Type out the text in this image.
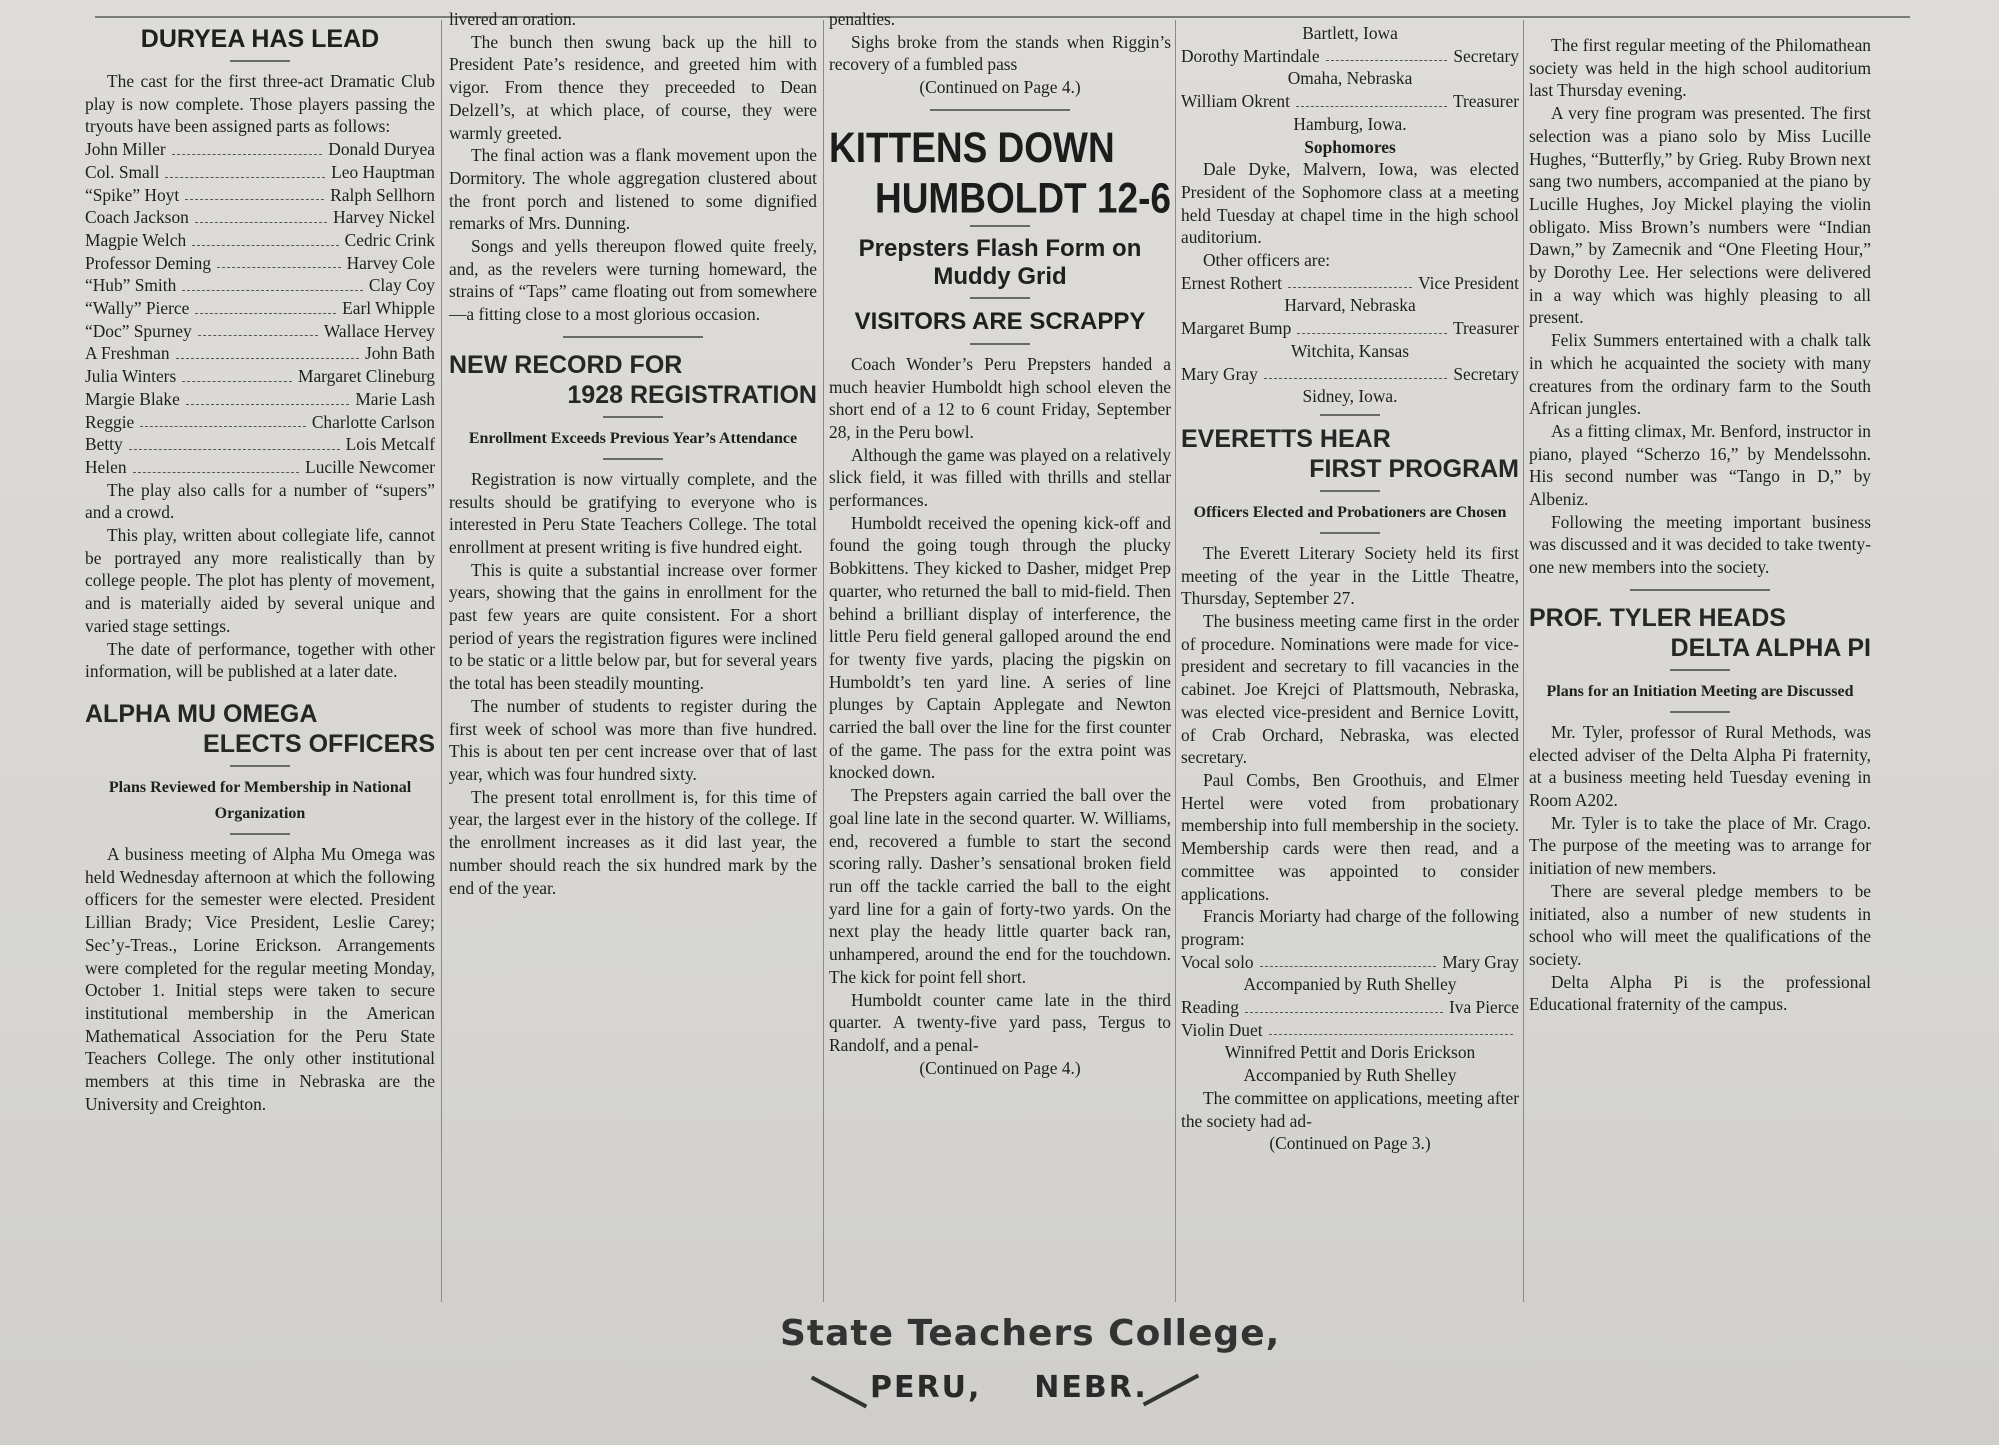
DURYEA HAS LEAD

The cast for the first three-act Dramatic Club play is now complete. Those players passing the tryouts have been assigned parts as follows:

John Miller	Donald Duryea
Col. Small	Leo Hauptman
“Spike” Hoyt	Ralph Sellhorn
Coach Jackson	Harvey Nickel
Magpie Welch	Cedric Crink
Professor Deming	Harvey Cole
“Hub” Smith	Clay Coy
“Wally” Pierce	Earl Whipple
“Doc” Spurney	Wallace Hervey
A Freshman	John Bath
Julia Winters	Margaret Clineburg
Margie Blake	Marie Lash
Reggie	Charlotte Carlson
Betty	Lois Metcalf
Helen	Lucille Newcomer

The play also calls for a number of “supers” and a crowd.

This play, written about collegiate life, cannot be portrayed any more realistically than by college people. The plot has plenty of movement, and is materially aided by several unique and varied stage settings.

The date of performance, together with other information, will be published at a later date.

ALPHA MU OMEGA
ELECTS OFFICERS
Plans Reviewed for Membership in National Organization

A business meeting of Alpha Mu Omega was held Wednesday afternoon at which the following officers for the semester were elected. President Lillian Brady; Vice President, Leslie Carey; Sec’y-Treas., Lorine Erickson. Arrangements were completed for the regular meeting Monday, October 1. Initial steps were taken to secure institutional membership in the American Mathematical Association for the Peru State Teachers College. The only other institutional members at this time in Nebraska are the University and Creighton.

livered an oration.

The bunch then swung back up the hill to President Pate’s residence, and greeted him with vigor. From thence they preceeded to Dean Delzell’s, at which place, of course, they were warmly greeted.

The final action was a flank movement upon the Dormitory. The whole aggregation clustered about the front porch and listened to some dignified remarks of Mrs. Dunning.

Songs and yells thereupon flowed quite freely, and, as the revelers were turning homeward, the strains of “Taps” came floating out from somewhere—a fitting close to a most glorious occasion.

NEW RECORD FOR
1928 REGISTRATION
Enrollment Exceeds Previous Year’s Attendance

Registration is now virtually complete, and the results should be gratifying to everyone who is interested in Peru State Teachers College. The total enrollment at present writing is five hundred eight.

This is quite a substantial increase over former years, showing that the gains in enrollment for the past few years are quite consistent. For a short period of years the registration figures were inclined to be static or a little below par, but for several years the total has been steadily mounting.

The number of students to register during the first week of school was more than five hundred. This is about ten per cent increase over that of last year, which was four hundred sixty.

The present total enrollment is, for this time of year, the largest ever in the history of the college. If the enrollment increases as it did last year, the number should reach the six hundred mark by the end of the year.

penalties.

Sighs broke from the stands when Riggin’s recovery of a fumbled pass

(Continued on Page 4.)
KITTENS DOWN

HUMBOLDT 12-6
Prepsters Flash Form on Muddy Grid
VISITORS ARE SCRAPPY

Coach Wonder’s Peru Prepsters handed a much heavier Humboldt high school eleven the short end of a 12 to 6 count Friday, September 28, in the Peru bowl.

Although the game was played on a relatively slick field, it was filled with thrills and stellar performances.

Humboldt received the opening kick-off and found the going tough through the plucky Bobkittens. They kicked to Dasher, midget Prep quarter, who returned the ball to mid-field. Then behind a brilliant display of interference, the little Peru field general galloped around the end for twenty five yards, placing the pigskin on Humboldt’s ten yard line. A series of line plunges by Captain Applegate and Newton carried the ball over the line for the first counter of the game. The pass for the extra point was knocked down.

The Prepsters again carried the ball over the goal line late in the second quarter. W. Williams, end, recovered a fumble to start the second scoring rally. Dasher’s sensational broken field run off the tackle carried the ball to the eight yard line for a gain of forty-two yards. On the next play the heady little quarter back ran, unhampered, around the end for the touchdown. The kick for point fell short.

Humboldt counter came late in the third quarter. A twenty-five yard pass, Tergus to Randolf, and a penal-

(Continued on Page 4.)
Bartlett, Iowa
Dorothy Martindale	Secretary
Omaha, Nebraska
William Okrent	Treasurer
Hamburg, Iowa.
Sophomores

Dale Dyke, Malvern, Iowa, was elected President of the Sophomore class at a meeting held Tuesday at chapel time in the high school auditorium.

Other officers are:

Ernest Rothert	Vice President
Harvard, Nebraska
Margaret Bump	Treasurer
Witchita, Kansas
Mary Gray	Secretary
Sidney, Iowa.
EVERETTS HEAR
FIRST PROGRAM
Officers Elected and Probationers are Chosen

The Everett Literary Society held its first meeting of the year in the Little Theatre, Thursday, September 27.

The business meeting came first in the order of procedure. Nominations were made for vice-president and secretary to fill vacancies in the cabinet. Joe Krejci of Plattsmouth, Nebraska, was elected vice-president and Bernice Lovitt, of Crab Orchard, Nebraska, was elected secretary.

Paul Combs, Ben Groothuis, and Elmer Hertel were voted from probationary membership into full membership in the society. Membership cards were then read, and a committee was appointed to consider applications.

Francis Moriarty had charge of the following program:

Vocal solo	Mary Gray
Accompanied by Ruth Shelley
Reading	Iva Pierce
Violin Duet
Winnifred Pettit and Doris Erickson
Accompanied by Ruth Shelley

The committee on applications, meeting after the society had ad-

(Continued on Page 3.)

The first regular meeting of the Philomathean society was held in the high school auditorium last Thursday evening.

A very fine program was presented. The first selection was a piano solo by Miss Lucille Hughes, “Butterfly,” by Grieg. Ruby Brown next sang two numbers, accompanied at the piano by Lucille Hughes, Joy Mickel playing the violin obligato. Miss Brown’s numbers were “Indian Dawn,” by Zamecnik and “One Fleeting Hour,” by Dorothy Lee. Her selections were delivered in a way which was highly pleasing to all present.

Felix Summers entertained with a chalk talk in which he acquainted the society with many creatures from the ordinary farm to the South African jungles.

As a fitting climax, Mr. Benford, instructor in piano, played “Scherzo 16,” by Mendelssohn. His second number was “Tango in D,” by Albeniz.

Following the meeting important business was discussed and it was decided to take twenty-one new members into the society.

PROF. TYLER HEADS
DELTA ALPHA PI
Plans for an Initiation Meeting are Discussed

Mr. Tyler, professor of Rural Methods, was elected adviser of the Delta Alpha Pi fraternity, at a business meeting held Tuesday evening in Room A202.

Mr. Tyler is to take the place of Mr. Crago. The purpose of the meeting was to arrange for initiation of new members.

There are several pledge members to be initiated, also a number of new students in school who will meet the qualifications of the society.

Delta Alpha Pi is the professional Educational fraternity of the campus.

State Teachers College,
PERU, NEBR.
